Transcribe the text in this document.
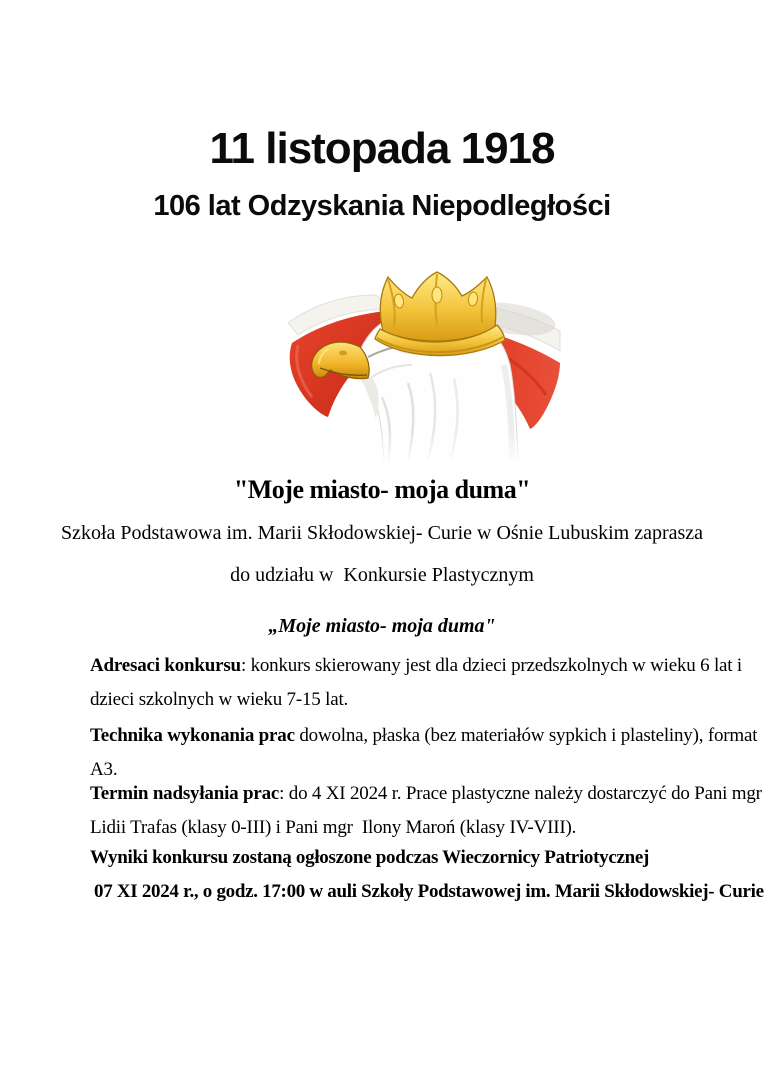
11 listopada 1918
106 lat Odzyskania Niepodległości
"Moje miasto- moja duma"
Szkoła Podstawowa im. Marii Skłodowskiej- Curie w Ośnie Lubuskim zaprasza
do udziału w  Konkursie Plastycznym
„Moje miasto- moja duma"
Adresaci konkursu: konkurs skierowany jest dla dzieci przedszkolnych w wieku 6 lat i
dzieci szkolnych w wieku 7-15 lat.
Technika wykonania prac dowolna, płaska (bez materiałów sypkich i plasteliny), format
A3.
Termin nadsyłania prac: do 4 XI 2024 r. Prace plastyczne należy dostarczyć do Pani mgr
Lidii Trafas (klasy 0-III) i Pani mgr  Ilony Maroń (klasy IV-VIII).
Wyniki konkursu zostaną ogłoszone podczas Wieczornicy Patriotycznej
07 XI 2024 r., o godz. 17:00 w auli Szkoły Podstawowej im. Marii Skłodowskiej- Curie
